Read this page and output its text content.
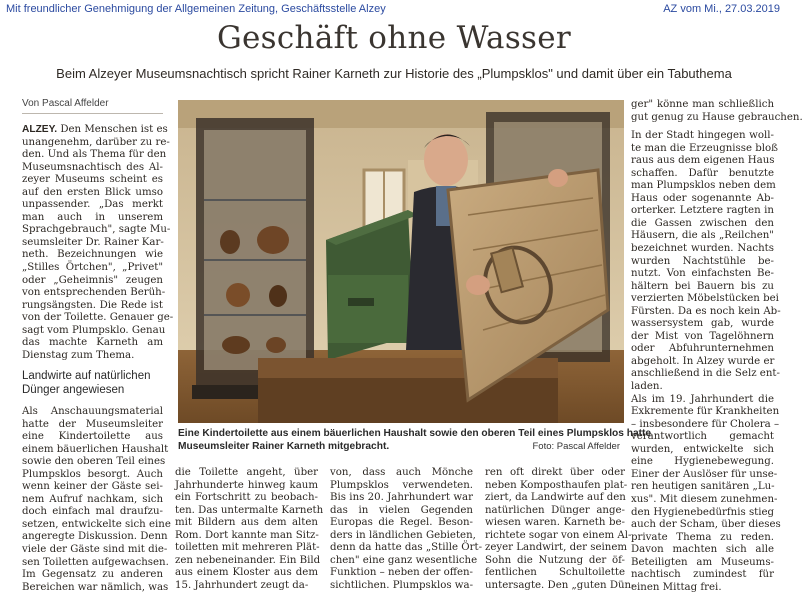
Mit freundlicher Genehmigung der Allgemeinen Zeitung, Geschäftsstelle Alzey	AZ vom Mi., 27.03.2019
Geschäft ohne Wasser
Beim Alzeyer Museumsnachtisch spricht Rainer Karneth zur Historie des „Plumpsklos" und damit über ein Tabuthema
Von Pascal Affelder
ALZEY. Den Menschen ist es
unangenehm, darüber zu re-
den. Und als Thema für den
Museumsnachtisch des Al-
zeyer Museums scheint es
auf den ersten Blick umso
unpassender. „Das merkt
man auch in unserem
Sprachgebrauch", sagte Mu-
seumsleiter Dr. Rainer Kar-
neth. Bezeichnungen wie
„Stilles Örtchen", „Privet"
oder „Geheimnis" zeugen
von entsprechenden Berüh-
rungsängsten. Die Rede ist
von der Toilette. Genauer ge-
sagt vom Plumpsklo. Genau
das machte Karneth am
Dienstag zum Thema.
Landwirte auf natürlichen
Dünger angewiesen
Als Anschauungsmaterial
hatte der Museumsleiter
eine Kindertoilette aus
einem bäuerlichen Haushalt
sowie den oberen Teil eines
Plumpsklos besorgt. Auch
wenn keiner der Gäste sei-
nem Aufruf nachkam, sich
doch einfach mal draufzu-
setzen, entwickelte sich eine
angeregte Diskussion. Denn
viele der Gäste sind mit die-
sen Toiletten aufgewachsen.
Im Gegensatz zu anderen
Bereichen war nämlich, was
Eine Kindertoilette aus einem bäuerlichen Haushalt sowie den oberen Teil eines Plumpsklos hatte
Museumsleiter Rainer Karneth mitgebracht.	Foto: Pascal Affelder
die Toilette angeht, über
Jahrhunderte hinweg kaum
ein Fortschritt zu beobach-
ten. Das untermalte Karneth
mit Bildern aus dem alten
Rom. Dort kannte man Sitz-
toiletten mit mehreren Plät-
zen nebeneinander. Ein Bild
aus einem Kloster aus dem
15. Jahrhundert zeugt da-
von, dass auch Mönche
Plumpsklos verwendeten.
Bis ins 20. Jahrhundert war
das in vielen Gegenden
Europas die Regel. Beson-
ders in ländlichen Gebieten,
denn da hatte das „Stille Ört-
chen" eine ganz wesentliche
Funktion – neben der offen-
sichtlichen. Plumpsklos wa-
ren oft direkt über oder
neben Komposthaufen plat-
ziert, da Landwirte auf den
natürlichen Dünger ange-
wiesen waren. Karneth be-
richtete sogar von einem Al-
zeyer Landwirt, der seinem
Sohn die Nutzung der öf-
fentlichen Schultoilette
untersagte. Den „guten Dün-
ger" könne man schließlich
gut genug zu Hause gebrauchen.
In der Stadt hingegen woll-
te man die Erzeugnisse bloß
raus aus dem eigenen Haus
schaffen. Dafür benutzte
man Plumpsklos neben dem
Haus oder sogenannte Ab-
orterker. Letztere ragten in
die Gassen zwischen den
Häusern, die als „Reilchen"
bezeichnet wurden. Nachts
wurden Nachtstühle be-
nutzt. Von einfachsten Be-
hältern bei Bauern bis zu
verzierten Möbelstücken bei
Fürsten. Da es noch kein Ab-
wassersystem gab, wurde
der Mist von Tagelöhnern
oder Abfuhrunternehmen
abgeholt. In Alzey wurde er
anschließend in die Selz ent-
laden.
Als im 19. Jahrhundert die
Exkremente für Krankheiten
– insbesondere für Cholera –
verantwortlich gemacht
wurden, entwickelte sich
eine Hygienebewegung.
Einer der Auslöser für unse-
ren heutigen sanitären „Lu-
xus". Mit diesem zunehmen-
den Hygienebedürfnis stieg
auch der Scham, über dieses
private Thema zu reden.
Davon machten sich alle
Beteiligten am Museums-
nachtisch zumindest für
einen Mittag frei.
